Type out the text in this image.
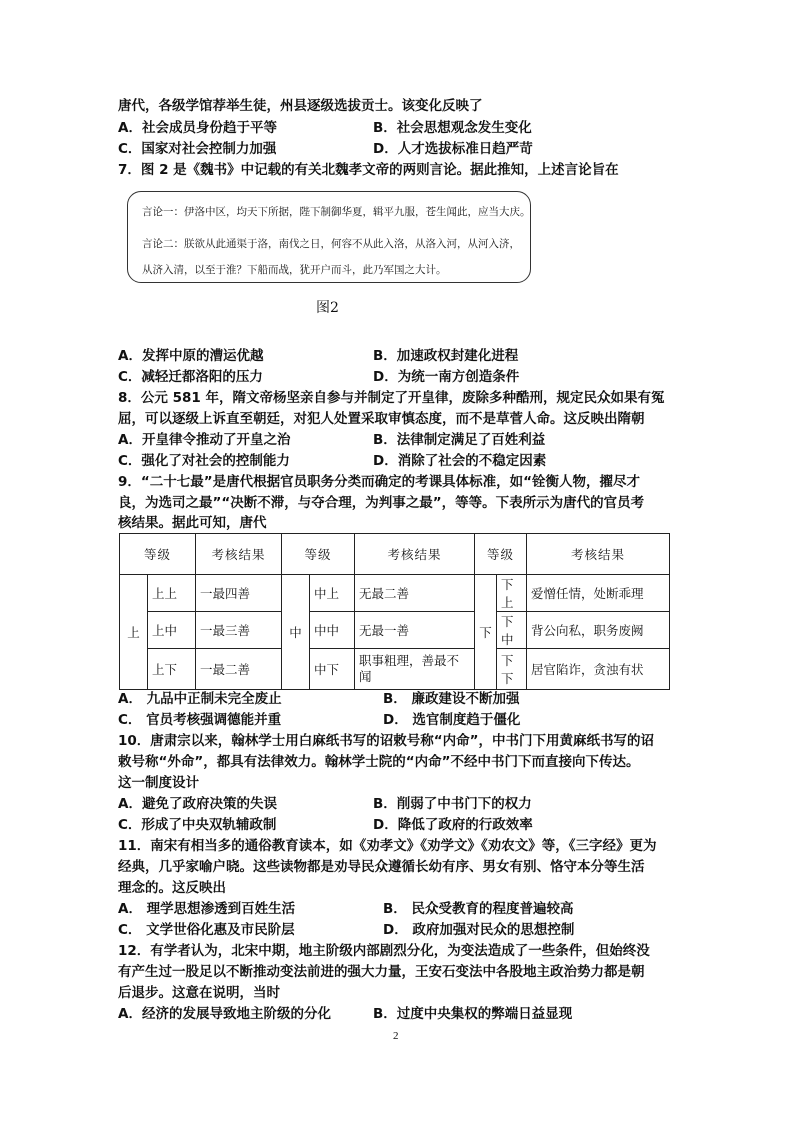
唐代，各级学馆荐举生徒，州县逐级选拔贡士。该变化反映了
A．社会成员身份趋于平等	B．社会思想观念发生变化
C．国家对社会控制力加强	D．人才选拔标准日趋严苛
7．图 2 是《魏书》中记载的有关北魏孝文帝的两则言论。据此推知，上述言论旨在
言论一：伊洛中区，均天下所据，陛下制御华夏，辑平九服，苍生闻此，应当大庆。
言论二：朕欲从此通渠于洛，南伐之日，何容不从此入洛，从洛入河，从河入济，
从济入清，以至于淮？下船而战，犹开户而斗，此乃军国之大计。
图2
A．发挥中原的漕运优越	B．加速政权封建化进程
C．减轻迁都洛阳的压力	D．为统一南方创造条件
8．公元 581 年，隋文帝杨坚亲自参与并制定了开皇律，废除多种酷刑，规定民众如果有冤
屈，可以逐级上诉直至朝廷，对犯人处置采取审慎态度，而不是草菅人命。这反映出隋朝
A．开皇律令推动了开皇之治	B．法律制定满足了百姓利益
C．强化了对社会的控制能力	D．消除了社会的不稳定因素
9．“二十七最”是唐代根据官员职务分类而确定的考课具体标准，如“铨衡人物，擢尽才
良，为选司之最”“决断不滞，与夺合理，为判事之最”，等等。下表所示为唐代的官员考
核结果。据此可知，唐代
等级		考核结果	等级		考核结果	等级		考核结果
上	上上	一最四善	中	中上	无最二善	下	下上	爱憎任情，处断乖理
	上中	一最三善		中中	无最一善		下中	背公向私，职务废阙
	上下	一最二善		中下	职事粗理，善最不闻		下下	居官陷诈，贪浊有状
A． 九品中正制未完全废止	B． 廉政建设不断加强
C． 官员考核强调德能并重	D． 选官制度趋于僵化
10．唐肃宗以来，翰林学士用白麻纸书写的诏敕号称“内命”，中书门下用黄麻纸书写的诏
敕号称“外命”，都具有法律效力。翰林学士院的“内命”不经中书门下而直接向下传达。
这一制度设计
A．避免了政府决策的失误	B．削弱了中书门下的权力
C．形成了中央双轨辅政制	D．降低了政府的行政效率
11．南宋有相当多的通俗教育读本，如《劝孝文》《劝学文》《劝农文》等，《三字经》更为
经典，几乎家喻户晓。这些读物都是劝导民众遵循长幼有序、男女有别、恪守本分等生活
理念的。这反映出
A． 理学思想渗透到百姓生活	B． 民众受教育的程度普遍较高
C． 文学世俗化惠及市民阶层	D． 政府加强对民众的思想控制
12．有学者认为，北宋中期，地主阶级内部剧烈分化，为变法造成了一些条件，但始终没
有产生过一股足以不断推动变法前进的强大力量，王安石变法中各股地主政治势力都是朝
后退步。这意在说明，当时
A．经济的发展导致地主阶级的分化	B．过度中央集权的弊端日益显现
2
